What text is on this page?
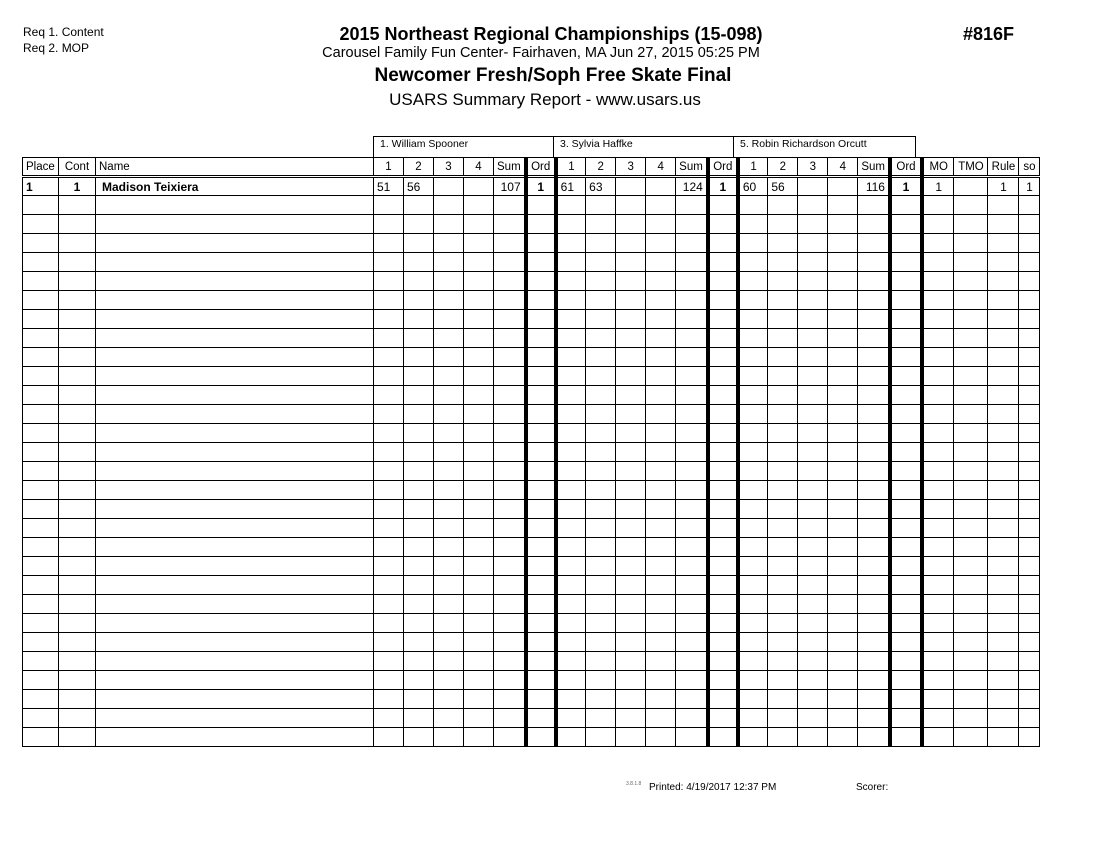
Req 1. Content
Req 2. MOP
2015 Northeast Regional Championships (15-098)
Carousel Family Fun Center- Fairhaven, MA Jun 27, 2015 05:25 PM
Newcomer Fresh/Soph Free Skate Final
USARS Summary Report - www.usars.us
#816F
1. William Spooner	3. Sylvia Haffke	5. Robin Richardson Orcutt
Place	Cont	Name	1	2	3	4	Sum	Ord	1	2	3	4	Sum	Ord	1	2	3	4	Sum	Ord	MO	TMO	Rule	so
1	1	Madison Teixiera	51	56			107	1	61	63			124	1	60	56			116	1	1		1	1

3.8.1.8 Printed: 4/19/2017 12:37 PM	Scorer:
